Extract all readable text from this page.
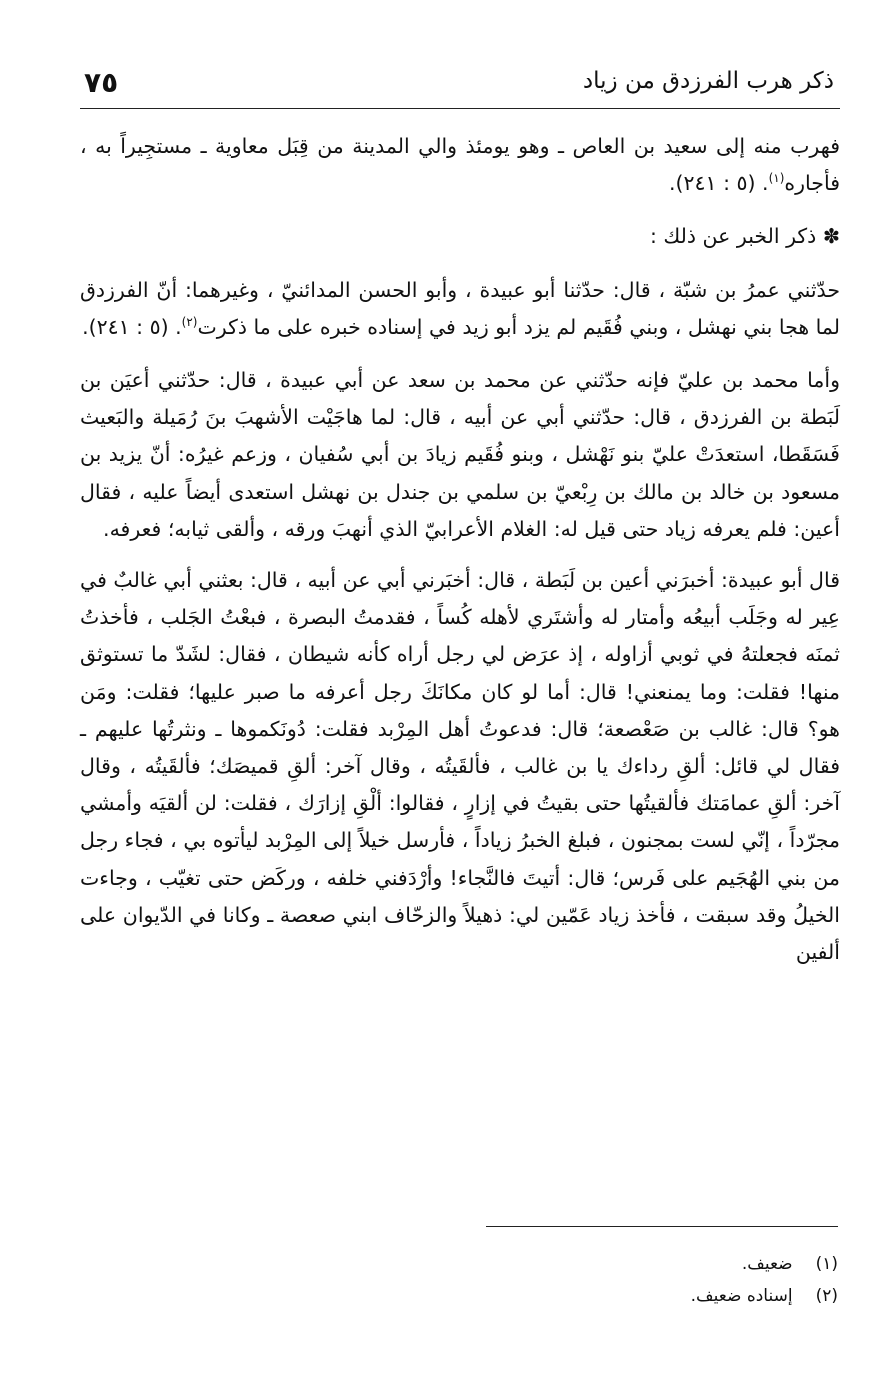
ذكر هرب الفرزدق من زياد
٧٥

فهرب منه إلى سعيد بن العاص ـ وهو يومئذ والي المدينة من قِبَل معاوية ـ مستجِيراً به ، فأجاره$^{(١)}$. (٥ : ٢٤١).

✽ ذكر الخبر عن ذلك :

حدّثني عمرُ بن شبّة ، قال: حدّثنا أبو عبيدة ، وأبو الحسن المدائنيّ ، وغيرهما: أنّ الفرزدق لما هجا بني نهشل ، وبني فُقَيم لم يزد أبو زيد في إسناده خبره على ما ذكرت$^{(٢)}$. (٥ : ٢٤١).

وأما محمد بن عليّ فإنه حدّثني عن محمد بن سعد عن أبي عبيدة ، قال: حدّثني أعيَن بن لَبَطة بن الفرزدق ، قال: حدّثني أبي عن أبيه ، قال: لما هاجَيْت الأشهبَ بنَ رُمَيلة والبَعيث فَسَقَطا، استعدَتْ عليّ بنو نَهْشل ، وبنو فُقَيم زيادَ بن أبي سُفيان ، وزعم غيرُه: أنّ يزيد بن مسعود بن خالد بن مالك بن رِبْعيّ بن سلمي بن جندل بن نهشل استعدى أيضاً عليه ، فقال أعين: فلم يعرفه زياد حتى قيل له: الغلام الأعرابيّ الذي أنهبَ ورقه ، وألقى ثيابه؛ فعرفه.

قال أبو عبيدة: أخبرَني أعين بن لَبَطة ، قال: أخبَرني أبي عن أبيه ، قال: بعثني أبي غالبٌ في عِير له وجَلَب أبيعُه وأمتار له وأشتَري لأهله كُساً ، فقدمتُ البصرة ، فبعْتُ الجَلب ، فأخذتُ ثمنَه فجعلتهُ في ثوبي أزاوله ، إذ عرَض لي رجل أراه كأنه شيطان ، فقال: لشَدّ ما تستوثق منها! فقلت: وما يمنعني! قال: أما لو كان مكانَكَ رجل أعرفه ما صبر عليها؛ فقلت: ومَن هو؟ قال: غالب بن صَعْصعة؛ قال: فدعوتُ أهل المِرْبد فقلت: دُونَكموها ـ ونثرتُها عليهم ـ فقال لي قائل: ألقِ رداءك يا بن غالب ، فألقَيتُه ، وقال آخر: ألقِ قميصَك؛ فألقَيتُه ، وقال آخر: ألقِ عمامَتك فألقيتُها حتى بقيتُ في إزارٍ ، فقالوا: ألْقِ إزارَك ، فقلت: لن ألقيَه وأمشي مجرّداً ، إنّي لست بمجنون ، فبلغ الخبرُ زياداً ، فأرسل خيلاً إلى المِرْبد ليأتوه بي ، فجاء رجل من بني الهُجَيم على فَرس؛ قال: أتيتَ فالنَّجاء! وأرْدَفني خلفه ، وركَض حتى تغيّب ، وجاءت الخيلُ وقد سبقت ، فأخذ زياد عَمّين لي: ذهيلاً والزحّاف ابني صعصة ـ وكانا في الدّيوان على ألفين

(١) ضعيف.
(٢) إسناده ضعيف.
